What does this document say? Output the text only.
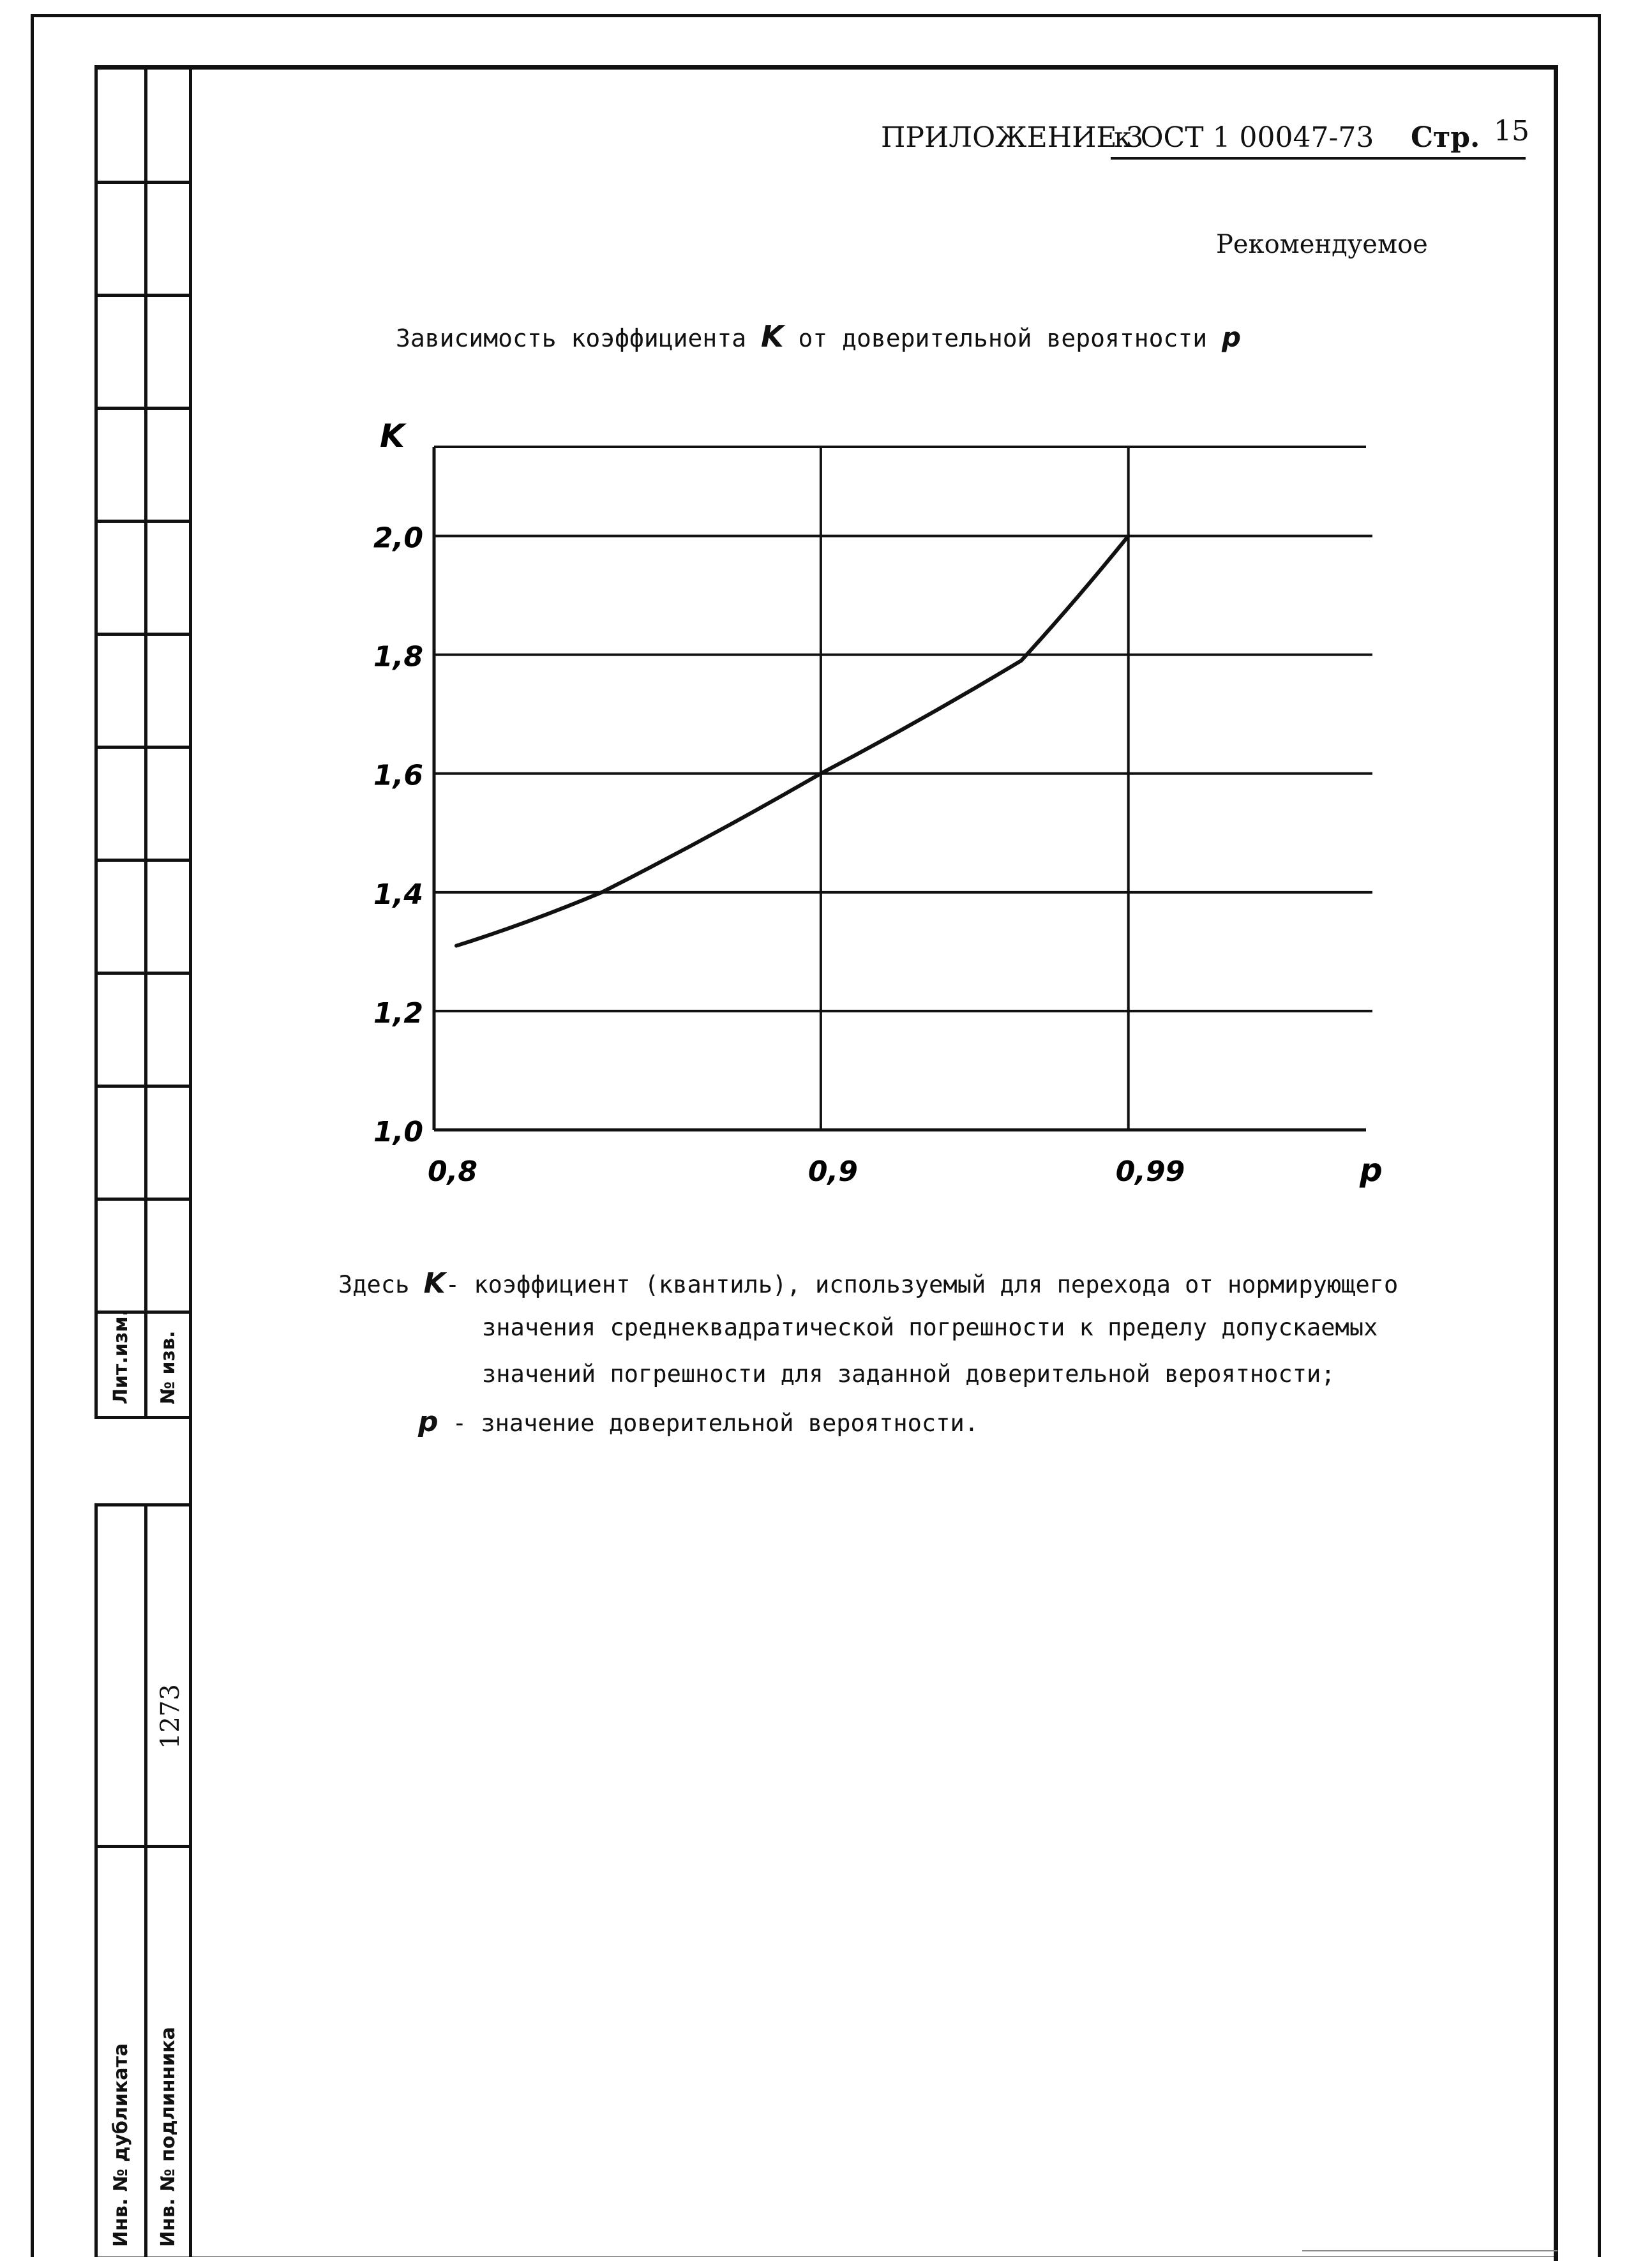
Лит.изм. № изв.
1273
Инв. № дубликата Инв. № подлинника
ПРИЛОЖЕНИЕ 3
к ОСТ 1 00047-73 Стр. 15
Рекомендуемое
Зависимость коэффициента K от доверительной вероятности p
1,0
1,2
1,4
1,6
1,8
2,0
0,8	0,9	0,99
K
p
Здесь K- коэффициент (квантиль), используемый для перехода от нормирующего
значения среднеквадратической погрешности к пределу допускаемых
значений погрешности для заданной доверительной вероятности;
p - значение доверительной вероятности.
